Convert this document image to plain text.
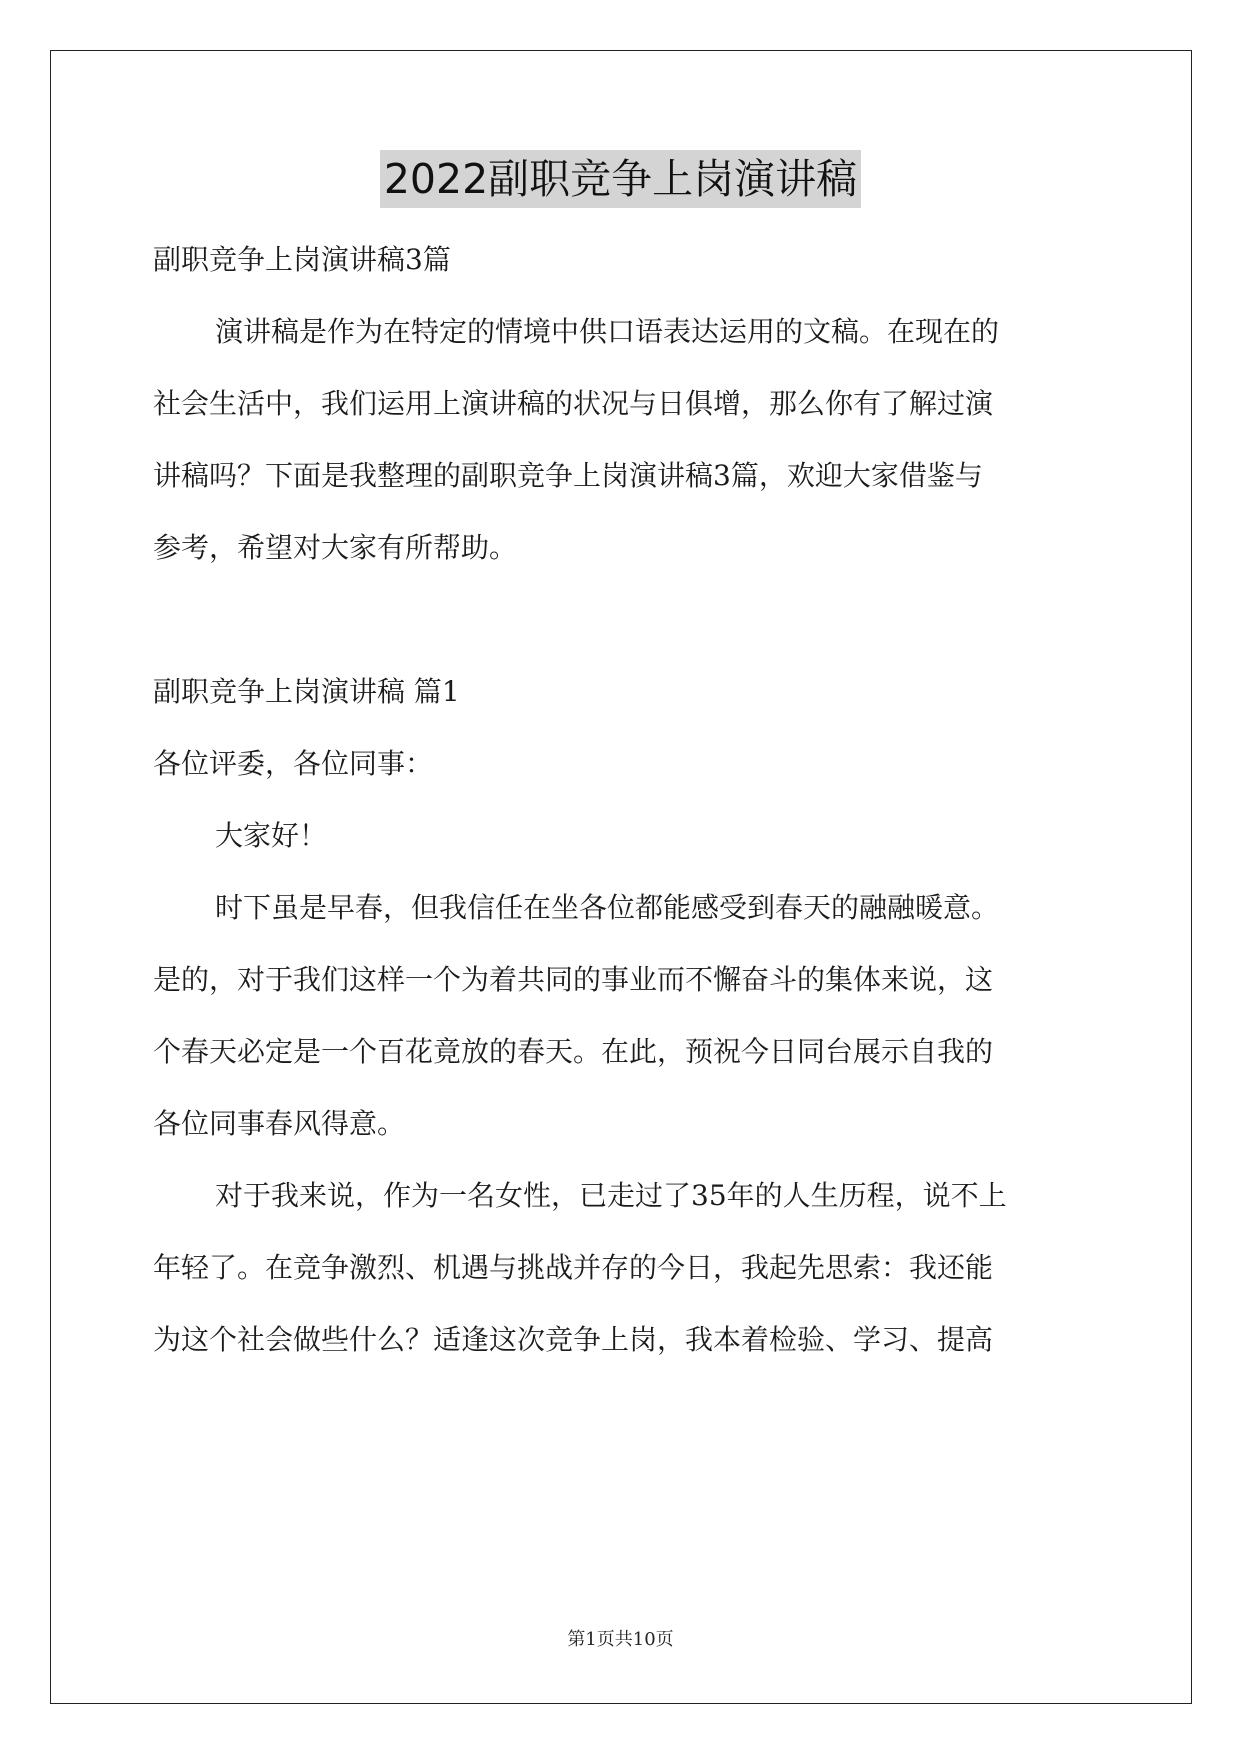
2022副职竞争上岗演讲稿
副职竞争上岗演讲稿3篇
演讲稿是作为在特定的情境中供口语表达运用的文稿。在现在的
社会生活中，我们运用上演讲稿的状况与日俱增，那么你有了解过演
讲稿吗？下面是我整理的副职竞争上岗演讲稿3篇，欢迎大家借鉴与
参考，希望对大家有所帮助。
副职竞争上岗演讲稿 篇1
各位评委，各位同事：
大家好！
时下虽是早春，但我信任在坐各位都能感受到春天的融融暖意。
是的，对于我们这样一个为着共同的事业而不懈奋斗的集体来说，这
个春天必定是一个百花竟放的春天。在此，预祝今日同台展示自我的
各位同事春风得意。
对于我来说，作为一名女性，已走过了35年的人生历程，说不上
年轻了。在竞争激烈、机遇与挑战并存的今日，我起先思索：我还能
为这个社会做些什么？适逢这次竞争上岗，我本着检验、学习、提高
第1页共10页
